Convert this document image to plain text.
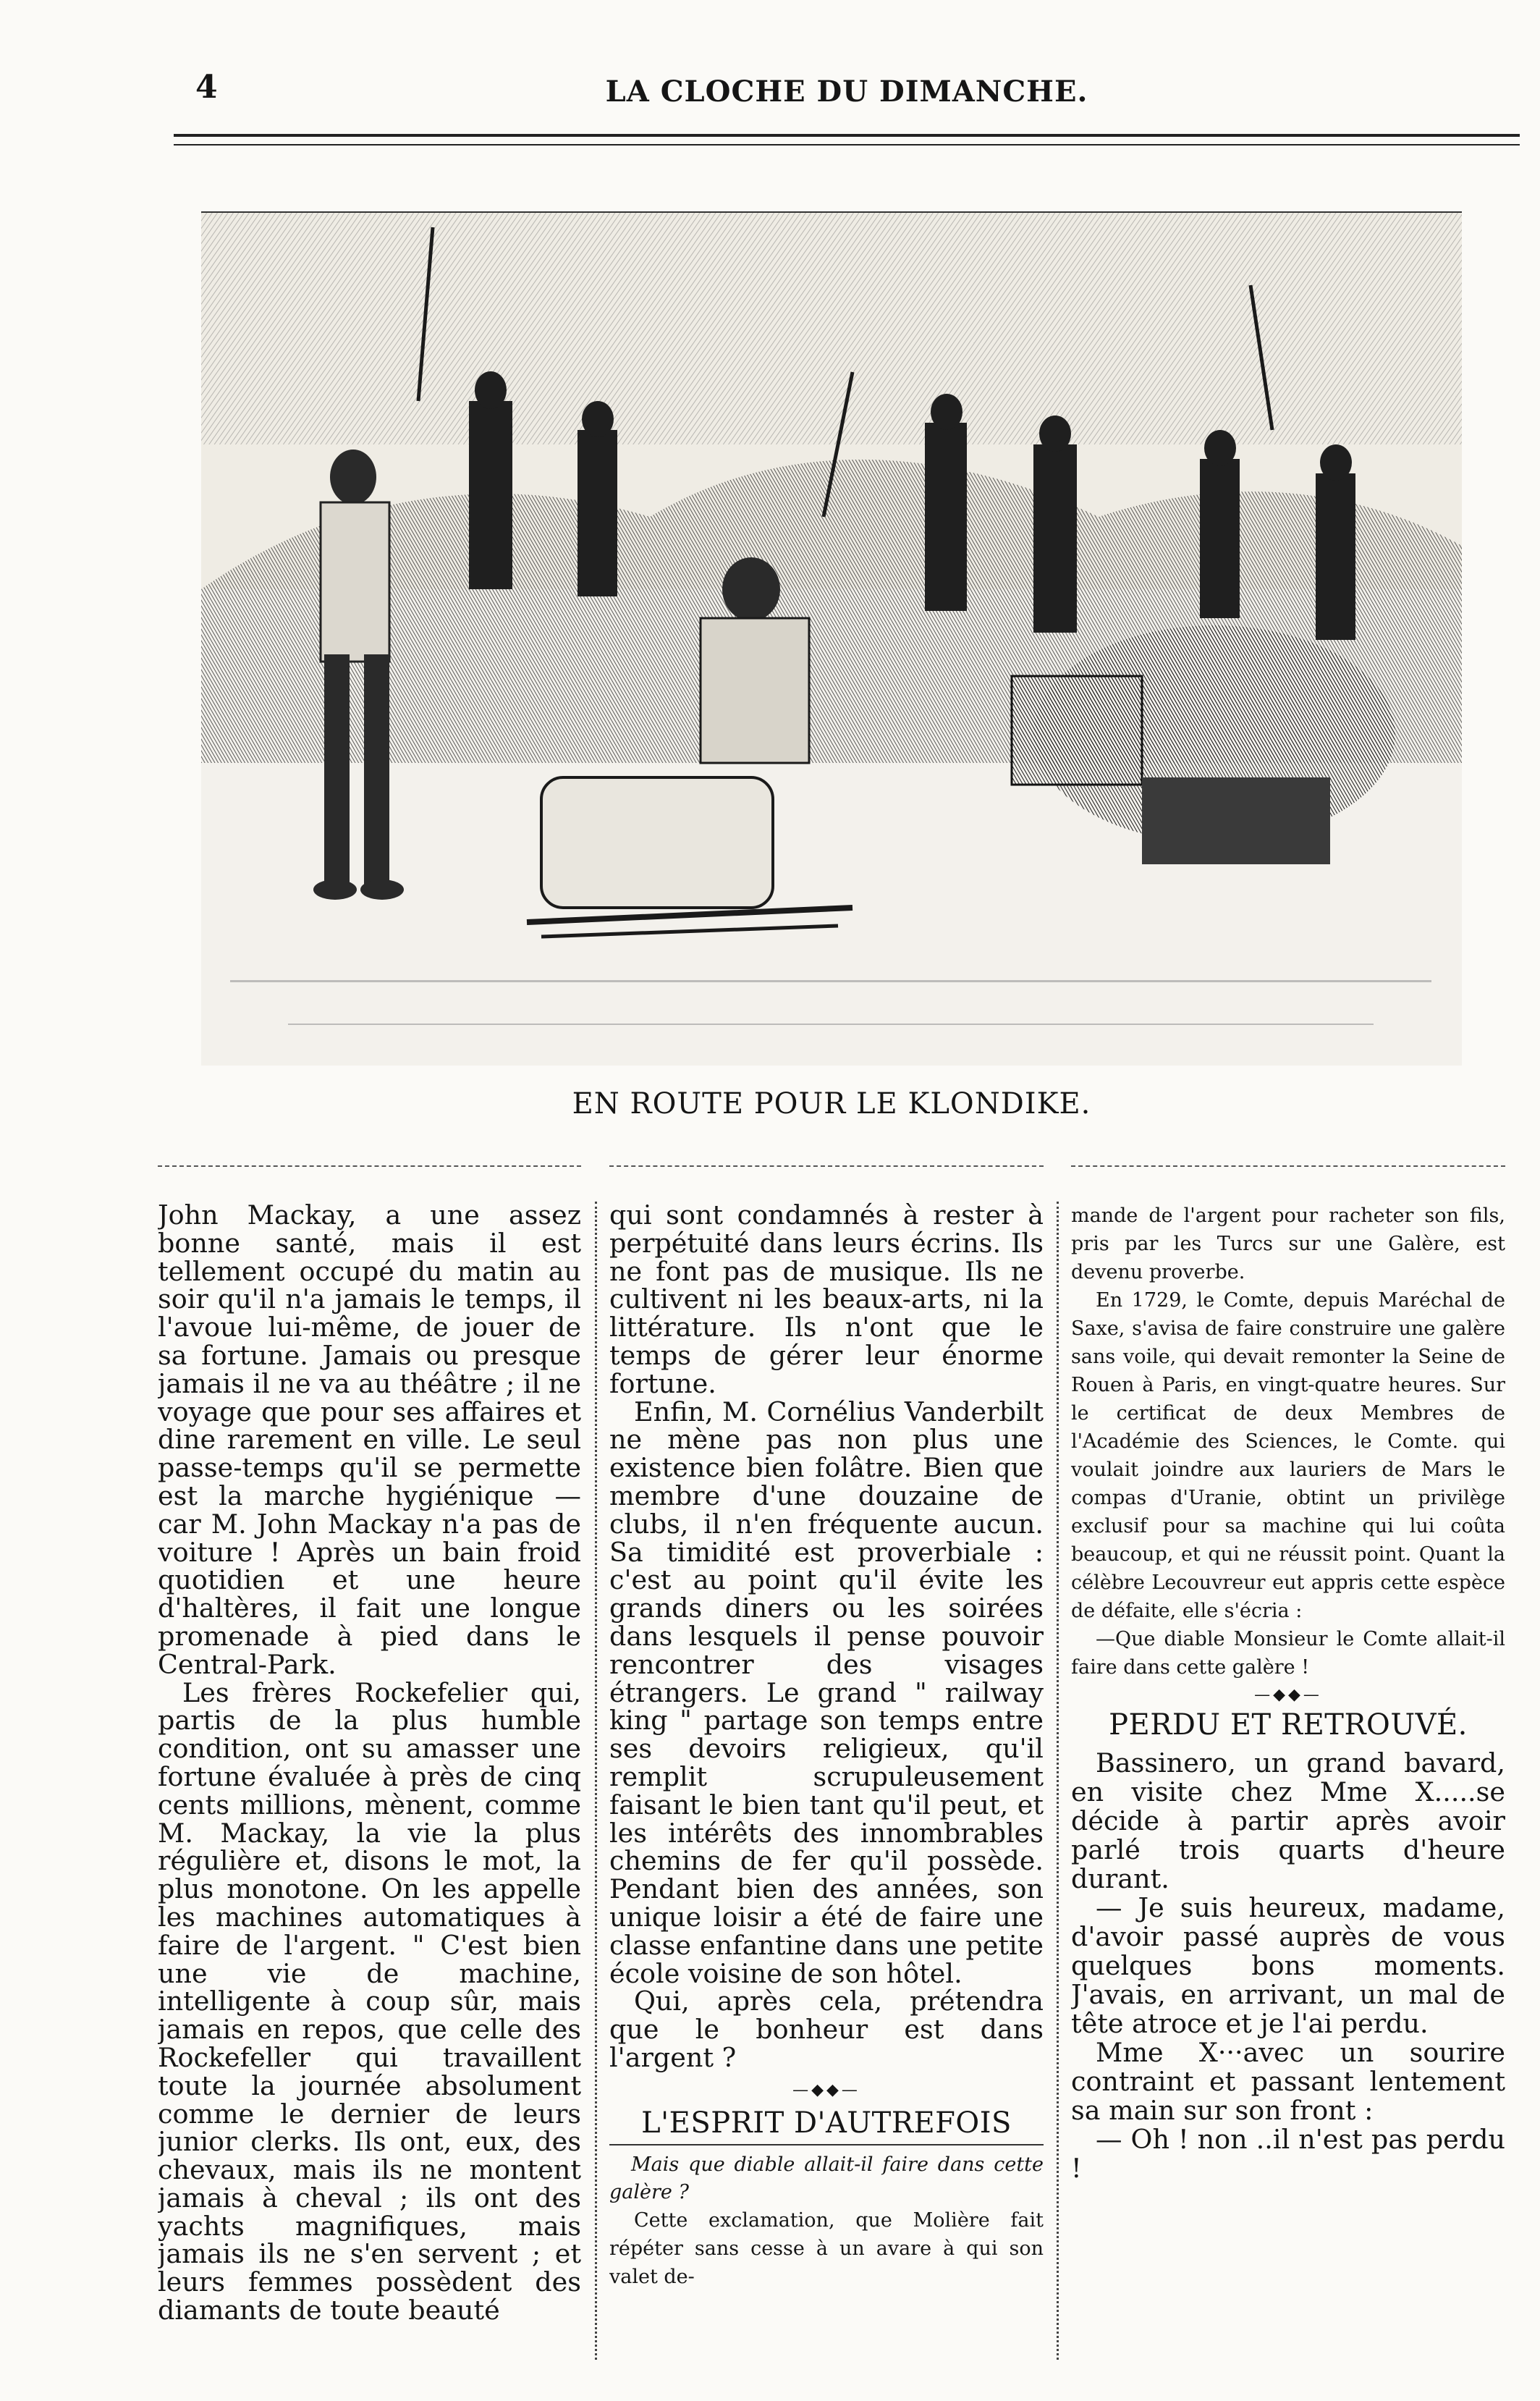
4	LA CLOCHE DU DIMANCHE.
EN ROUTE POUR LE KLONDIKE.

John Mackay, a une assez bonne santé, mais il est tellement occupé du matin au soir qu'il n'a jamais le temps, il l'avoue lui-même, de jouer de sa fortune. Jamais ou presque jamais il ne va au théâtre ; il ne voyage que pour ses affaires et dine rarement en ville. Le seul passe-temps qu'il se permette est la marche hygiénique — car M. John Mackay n'a pas de voiture ! Après un bain froid quotidien et une heure d'haltères, il fait une longue promenade à pied dans le Central-Park.

Les frères Rockefelier qui, partis de la plus humble condition, ont su amasser une fortune évaluée à près de cinq cents millions, mènent, comme M. Mackay, la vie la plus régulière et, disons le mot, la plus monotone. On les appelle les machines automatiques à faire de l'argent. " C'est bien une vie de machine, intelligente à coup sûr, mais jamais en repos, que celle des Rockefeller qui travaillent toute la journée absolument comme le dernier de leurs junior clerks. Ils ont, eux, des chevaux, mais ils ne montent jamais à cheval ; ils ont des yachts magnifiques, mais jamais ils ne s'en servent ; et leurs femmes possèdent des diamants de toute beauté

qui sont condamnés à rester à perpétuité dans leurs écrins. Ils ne font pas de musique. Ils ne cultivent ni les beaux-arts, ni la littérature. Ils n'ont que le temps de gérer leur énorme fortune.

Enfin, M. Cornélius Vanderbilt ne mène pas non plus une existence bien folâtre. Bien que membre d'une douzaine de clubs, il n'en fréquente aucun. Sa timidité est proverbiale : c'est au point qu'il évite les grands diners ou les soirées dans lesquels il pense pouvoir rencontrer des visages étrangers. Le grand " railway king " partage son temps entre ses devoirs religieux, qu'il remplit scrupuleusement faisant le bien tant qu'il peut, et les intérêts des innombrables chemins de fer qu'il possède. Pendant bien des années, son unique loisir a été de faire une classe enfantine dans une petite école voisine de son hôtel.

Qui, après cela, prétendra que le bonheur est dans l'argent ?

—◆◆—
L'ESPRIT D'AUTREFOIS

Mais que diable allait-il faire dans cette galère ?

Cette exclamation, que Molière fait répéter sans cesse à un avare à qui son valet de-

mande de l'argent pour racheter son fils, pris par les Turcs sur une Galère, est devenu proverbe.

En 1729, le Comte, depuis Maréchal de Saxe, s'avisa de faire construire une galère sans voile, qui devait remonter la Seine de Rouen à Paris, en vingt-quatre heures. Sur le certificat de deux Membres de l'Académie des Sciences, le Comte. qui voulait joindre aux lauriers de Mars le compas d'Uranie, obtint un privilège exclusif pour sa machine qui lui coûta beaucoup, et qui ne réussit point. Quant la célèbre Lecouvreur eut appris cette espèce de défaite, elle s'écria :

—Que diable Monsieur le Comte allait-il faire dans cette galère !

—◆◆—
PERDU ET RETROUVÉ.

Bassinero, un grand bavard, en visite chez Mme X.....se décide à partir après avoir parlé trois quarts d'heure durant.

— Je suis heureux, madame, d'avoir passé auprès de vous quelques bons moments. J'avais, en arrivant, un mal de tête atroce et je l'ai perdu.

Mme X···avec un sourire contraint et passant lentement sa main sur son front :

— Oh ! non ..il n'est pas perdu !
